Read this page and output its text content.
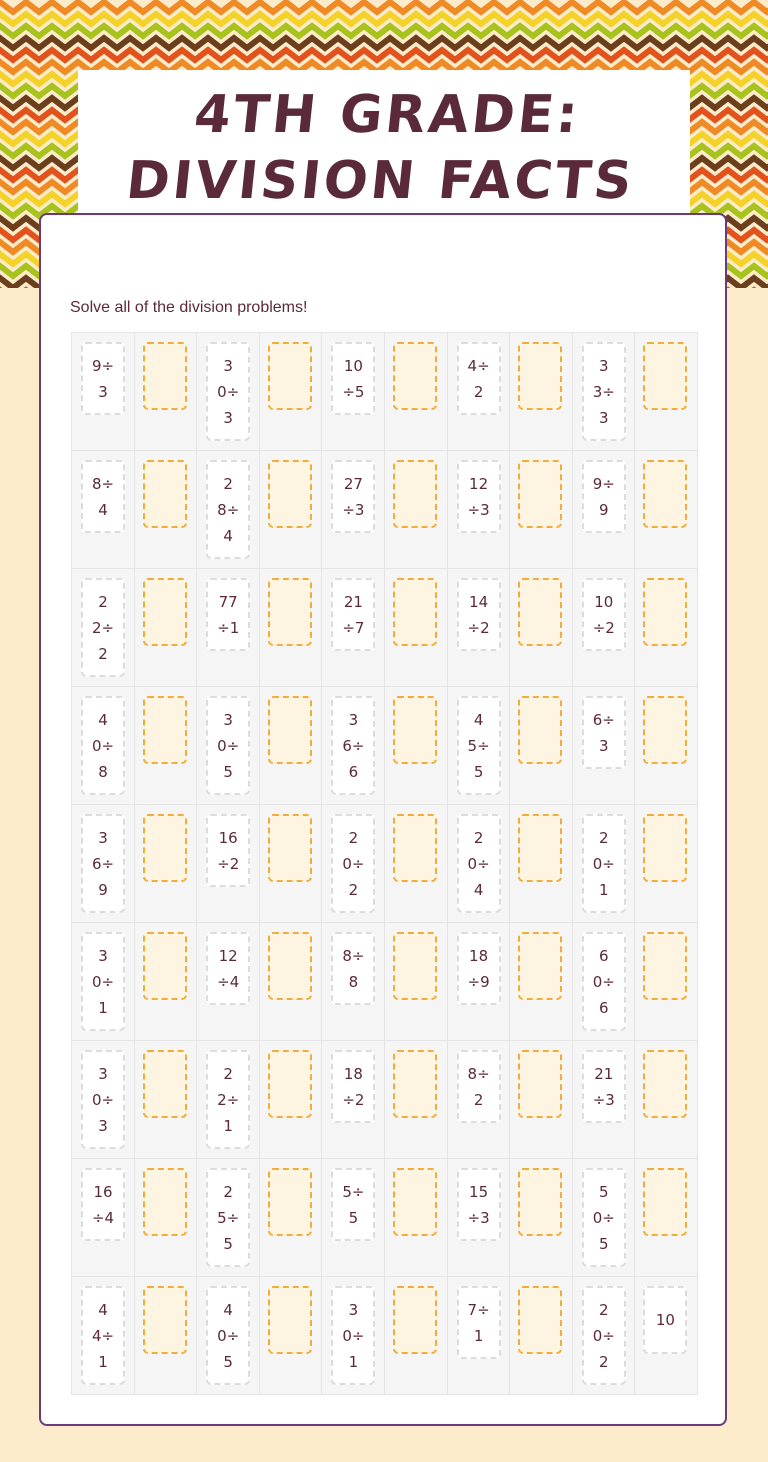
4TH GRADE: DIVISION FACTS

Solve all of the division problems!

9÷
3
3
0÷
3
10
÷5
4÷
2
3
3÷
3
8÷
4
2
8÷
4
27
÷3
12
÷3
9÷
9
2
2÷
2
77
÷1
21
÷7
14
÷2
10
÷2
4
0÷
8
3
0÷
5
3
6÷
6
4
5÷
5
6÷
3
3
6÷
9
16
÷2
2
0÷
2
2
0÷
4
2
0÷
1
3
0÷
1
12
÷4
8÷
8
18
÷9
6
0÷
6
3
0÷
3
2
2÷
1
18
÷2
8÷
2
21
÷3
16
÷4
2
5÷
5
5÷
5
15
÷3
5
0÷
5
4
4÷
1
4
0÷
5
3
0÷
1
7÷
1
2
0÷
2
10
